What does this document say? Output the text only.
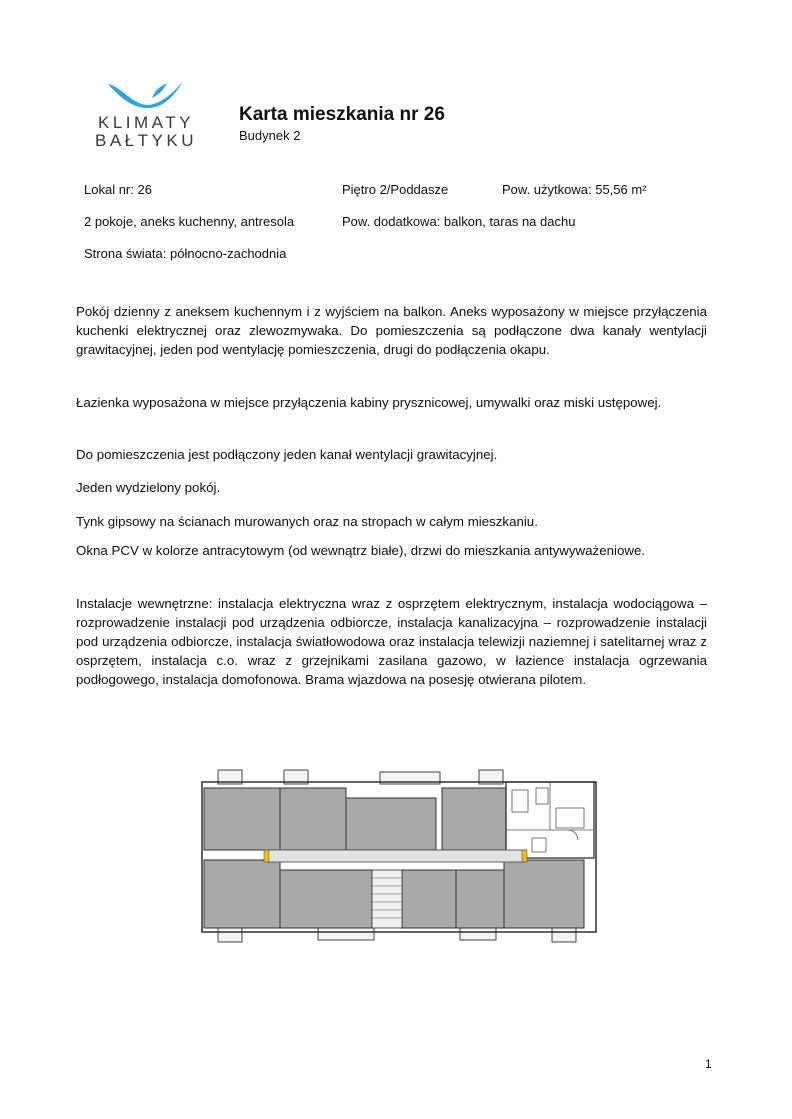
KLIMATY
BAŁTYKU
Karta mieszkania nr 26
Budynek 2
Lokal nr: 26	Piętro 2/Poddasze	Pow. użytkowa: 55,56 m²
2 pokoje, aneks kuchenny, antresola	Pow. dodatkowa: balkon, taras na dachu
Strona świata: północno-zachodnia

Pokój dzienny z aneksem kuchennym i z wyjściem na balkon. Aneks wyposażony w miejsce przyłączenia kuchenki elektrycznej oraz zlewozmywaka. Do pomieszczenia są podłączone dwa kanały wentylacji grawitacyjnej, jeden pod wentylację pomieszczenia, drugi do podłączenia okapu.

Łazienka wyposażona w miejsce przyłączenia kabiny prysznicowej, umywalki oraz miski ustępowej.

Do pomieszczenia jest podłączony jeden kanał wentylacji grawitacyjnej.

Jeden wydzielony pokój.

Tynk gipsowy na ścianach murowanych oraz na stropach w całym mieszkaniu.

Okna PCV w kolorze antracytowym (od wewnątrz białe), drzwi do mieszkania antywyważeniowe.

Instalacje wewnętrzne: instalacja elektryczna wraz z osprzętem elektrycznym, instalacja wodociągowa – rozprowadzenie instalacji pod urządzenia odbiorcze, instalacja kanalizacyjna – rozprowadzenie instalacji pod urządzenia odbiorcze, instalacja światłowodowa oraz instalacja telewizji naziemnej i satelitarnej wraz z osprzętem, instalacja c.o. wraz z grzejnikami zasilana gazowo, w łazience instalacja ogrzewania podłogowego, instalacja domofonowa. Brama wjazdowa na posesję otwierana pilotem.

1
